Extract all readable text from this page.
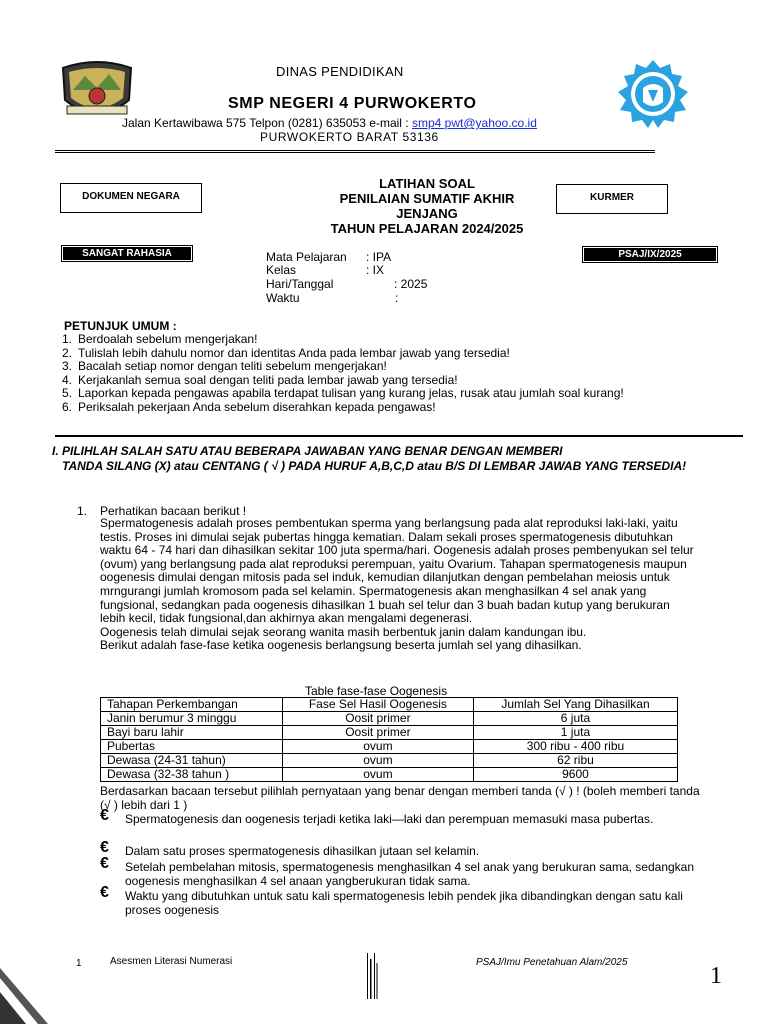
DINAS PENDIDIKAN
SMP NEGERI 4 PURWOKERTO
Jalan Kertawibawa 575 Telpon (0281) 635053 e-mail : smp4 pwt@yahoo.co.id
PURWOKERTO BARAT 53136
DOKUMEN NEGARA	KURMER
SANGAT RAHASIA	PSAJ/IX/2025
LATIHAN SOAL
PENILAIAN SUMATIF AKHIR
JENJANG
TAHUN PELAJARAN 2024/2025
Mata Pelajaran : IPA
Kelas	: IX
Hari/Tanggal	: 2025
Waktu	:
PETUNJUK UMUM :
1. Berdoalah sebelum mengerjakan!
2. Tulislah lebih dahulu nomor dan identitas Anda pada lembar jawab yang tersedia!
3. Bacalah setiap nomor dengan teliti sebelum mengerjakan!
4. Kerjakanlah semua soal dengan teliti pada lembar jawab yang tersedia!
5. Laporkan kepada pengawas apabila terdapat tulisan yang kurang jelas, rusak atau jumlah soal kurang!
6. Periksalah pekerjaan Anda sebelum diserahkan kepada pengawas!
I. PILIHLAH SALAH SATU ATAU BEBERAPA JAWABAN YANG BENAR DENGAN MEMBERI
TANDA SILANG (X) atau CENTANG ( √ ) PADA HURUF A,B,C,D atau B/S DI LEMBAR JAWAB YANG TERSEDIA!
1. Perhatikan bacaan berikut !
Spermatogenesis adalah proses pembentukan sperma yang berlangsung pada alat reproduksi laki-laki, yaitu testis. Proses ini dimulai sejak pubertas hingga kematian. Dalam sekali proses spermatogenesis dibutuhkan waktu 64 - 74 hari dan dihasilkan sekitar 100 juta sperma/hari. Oogenesis adalah proses pembenyukan sel telur (ovum) yang berlangsung pada alat reproduksi perempuan, yaitu Ovarium. Tahapan spermatogenesis maupun oogenesis dimulai dengan mitosis pada sel induk, kemudian dilanjutkan dengan pembelahan meiosis untuk mrngurangi jumlah kromosom pada sel kelamin. Spermatogenesis akan menghasilkan 4 sel anak yang fungsional, sedangkan pada oogenesis dihasilkan 1 buah sel telur dan 3 buah badan kutup yang berukuran lebih kecil, tidak fungsional,dan akhirnya akan mengalami degenerasi.
Oogenesis telah dimulai sejak seorang wanita masih berbentuk janin dalam kandungan ibu.
Berikut adalah fase-fase ketika oogenesis berlangsung beserta jumlah sel yang dihasilkan.
Table fase-fase Oogenesis
Tahapan Perkembangan	Fase Sel Hasil Oogenesis	Jumlah Sel Yang Dihasilkan
Janin berumur 3 minggu	Oosit primer	6 juta
Bayi baru lahir	Oosit primer	1 juta
Pubertas	ovum	300 ribu - 400 ribu
Dewasa (24-31 tahun)	ovum	62 ribu
Dewasa (32-38 tahun )	ovum	9600
Berdasarkan bacaan tersebut pilihlah pernyataan yang benar dengan memberi tanda (√ ) ! (boleh memberi tanda (√ ) lebih dari 1 )
€ Spermatogenesis dan oogenesis terjadi ketika laki—laki dan perempuan memasuki masa pubertas.
€ Dalam satu proses spermatogenesis dihasilkan jutaan sel kelamin.
€ Setelah pembelahan mitosis, spermatogenesis menghasilkan 4 sel anak yang berukuran sama, sedangkan oogenesis menghasilkan 4 sel anaan yangberukuran tidak sama.
€ Waktu yang dibutuhkan untuk satu kali spermatogenesis lebih pendek jika dibandingkan dengan satu kali proses oogenesis
1	Asesmen Literasi Numerasi	PSAJ/Imu Penetahuan Alam/2025
1
